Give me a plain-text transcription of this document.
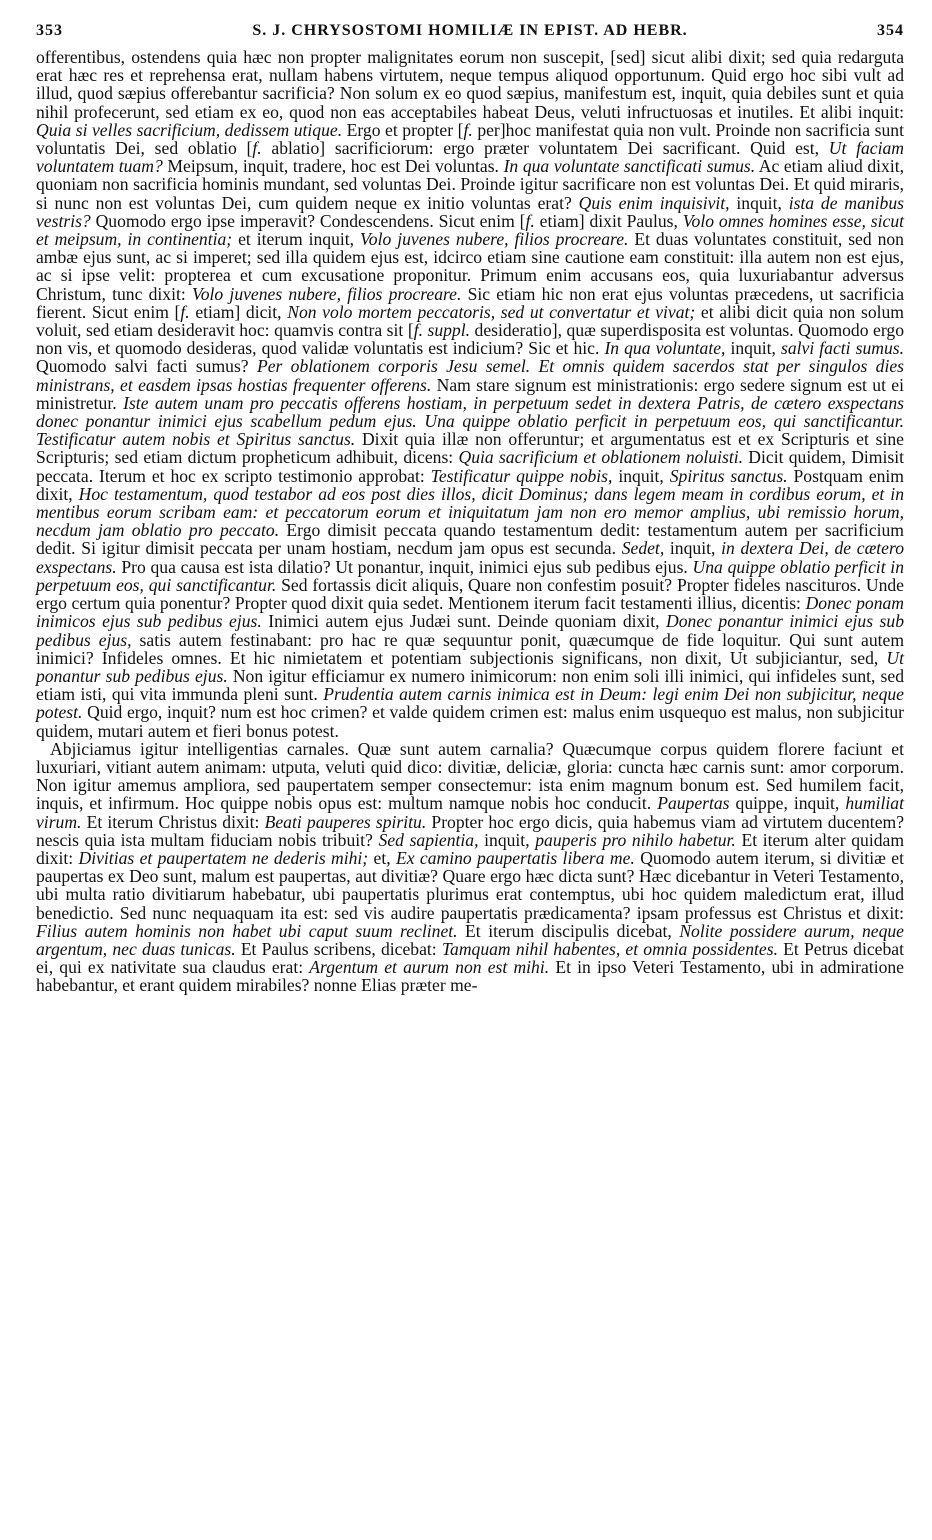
353	S. J. CHRYSOSTOMI HOMILIÆ IN EPIST. AD HEBR.	354

offerentibus, ostendens quia hæc non propter malignitates eorum non suscepit, [sed] sicut alibi dixit; sed quia redarguta erat hæc res et reprehensa erat, nullam habens virtutem, neque tempus aliquod opportunum. Quid ergo hoc sibi vult ad illud, quod sæpius offerebantur sacrificia? Non solum ex eo quod sæpius, manifestum est, inquit, quia debiles sunt et quia nihil profecerunt, sed etiam ex eo, quod non eas acceptabiles habeat Deus, veluti infructuosas et inutiles. Et alibi inquit: Quia si velles sacrificium, dedissem utique. Ergo et propter [f. per]hoc manifestat quia non vult. Proinde non sacrificia sunt voluntatis Dei, sed oblatio [f. ablatio] sacrificiorum: ergo præter voluntatem Dei sacrificant. Quid est, Ut faciam voluntatem tuam? Meipsum, inquit, tradere, hoc est Dei voluntas. In qua voluntate sanctificati sumus. Ac etiam aliud dixit, quoniam non sacrificia hominis mundant, sed voluntas Dei. Proinde igitur sacrificare non est voluntas Dei. Et quid miraris, si nunc non est voluntas Dei, cum quidem neque ex initio voluntas erat? Quis enim inquisivit, inquit, ista de manibus vestris? Quomodo ergo ipse imperavit? Condescendens. Sicut enim [f. etiam] dixit Paulus, Volo omnes homines esse, sicut et meipsum, in continentia; et iterum inquit, Volo juvenes nubere, filios procreare. Et duas voluntates constituit, sed non ambæ ejus sunt, ac si imperet; sed illa quidem ejus est, idcirco etiam sine cautione eam constituit: illa autem non est ejus, ac si ipse velit: propterea et cum excusatione proponitur. Primum enim accusans eos, quia luxuriabantur adversus Christum, tunc dixit: Volo juvenes nubere, filios procreare. Sic etiam hic non erat ejus voluntas præcedens, ut sacrificia fierent. Sicut enim [f. etiam] dicit, Non volo mortem peccatoris, sed ut convertatur et vivat; et alibi dicit quia non solum voluit, sed etiam desideravit hoc: quamvis contra sit [f. suppl. desideratio], quæ superdisposita est voluntas. Quomodo ergo non vis, et quomodo desideras, quod validæ voluntatis est indicium? Sic et hic. In qua voluntate, inquit, salvi facti sumus. Quomodo salvi facti sumus? Per oblationem corporis Jesu semel. Et omnis quidem sacerdos stat per singulos dies ministrans, et easdem ipsas hostias frequenter offerens. Nam stare signum est ministrationis: ergo sedere signum est ut ei ministretur. Iste autem unam pro peccatis offerens hostiam, in perpetuum sedet in dextera Patris, de cætero exspectans donec ponantur inimici ejus scabellum pedum ejus. Una quippe oblatio perficit in perpetuum eos, qui sanctificantur. Testificatur autem nobis et Spiritus sanctus. Dixit quia illæ non offeruntur; et argumentatus est et ex Scripturis et sine Scripturis; sed etiam dictum propheticum adhibuit, dicens: Quia sacrificium et oblationem noluisti. Dicit quidem, Dimisit peccata. Iterum et hoc ex scripto testimonio approbat: Testificatur quippe nobis, inquit, Spiritus sanctus. Postquam enim dixit, Hoc testamentum, quod testabor ad eos post dies illos, dicit Dominus; dans legem meam in cordibus eorum, et in mentibus eorum scribam eam: et peccatorum eorum et iniquitatum jam non ero memor amplius, ubi remissio horum, necdum jam oblatio pro peccato. Ergo dimisit peccata quando testamentum dedit: testamentum autem per sacrificium dedit. Si igitur dimisit peccata per unam hostiam, necdum jam opus est secunda. Sedet, inquit, in dextera Dei, de cætero exspectans. Pro qua causa est ista dilatio? Ut ponantur, inquit, inimici ejus sub pedibus ejus. Una quippe oblatio perficit in perpetuum eos, qui sanctificantur. Sed fortassis dicit aliquis, Quare non confestim posuit? Propter fideles nascituros. Unde ergo certum quia ponentur? Propter quod dixit quia sedet. Mentionem iterum facit testamenti illius, dicentis: Donec ponam inimicos ejus sub pedibus ejus. Inimici autem ejus Judæi sunt. Deinde quoniam dixit, Donec ponantur inimici ejus sub pedibus ejus, satis autem festinabant: pro hac re quæ sequuntur ponit, quæcumque de fide loquitur. Qui sunt autem inimici? Infideles omnes. Et hic nimietatem et potentiam subjectionis significans, non dixit, Ut subjiciantur, sed, Ut ponantur sub pedibus ejus. Non igitur efficiamur ex numero inimicorum: non enim soli illi inimici, qui infideles sunt, sed etiam isti, qui vita immunda pleni sunt. Prudentia autem carnis inimica est in Deum: legi enim Dei non subjicitur, neque potest. Quid ergo, inquit? num est hoc crimen? et valde quidem crimen est: malus enim usquequo est malus, non subjicitur quidem, mutari autem et fieri bonus potest.

Abjiciamus igitur intelligentias carnales. Quæ sunt autem carnalia? Quæcumque corpus quidem florere faciunt et luxuriari, vitiant autem animam: utputa, veluti quid dico: divitiæ, deliciæ, gloria: cuncta hæc carnis sunt: amor corporum. Non igitur amemus ampliora, sed paupertatem semper consectemur: ista enim magnum bonum est. Sed humilem facit, inquis, et infirmum. Hoc quippe nobis opus est: multum namque nobis hoc conducit. Paupertas quippe, inquit, humiliat virum. Et iterum Christus dixit: Beati pauperes spiritu. Propter hoc ergo dicis, quia habemus viam ad virtutem ducentem? nescis quia ista multam fiduciam nobis tribuit? Sed sapientia, inquit, pauperis pro nihilo habetur. Et iterum alter quidam dixit: Divitias et paupertatem ne dederis mihi; et, Ex camino paupertatis libera me. Quomodo autem iterum, si divitiæ et paupertas ex Deo sunt, malum est paupertas, aut divitiæ? Quare ergo hæc dicta sunt? Hæc dicebantur in Veteri Testamento, ubi multa ratio divitiarum habebatur, ubi paupertatis plurimus erat contemptus, ubi hoc quidem maledictum erat, illud benedictio. Sed nunc nequaquam ita est: sed vis audire paupertatis prædicamenta? ipsam professus est Christus et dixit: Filius autem hominis non habet ubi caput suum reclinet. Et iterum discipulis dicebat, Nolite possidere aurum, neque argentum, nec duas tunicas. Et Paulus scribens, dicebat: Tamquam nihil habentes, et omnia possidentes. Et Petrus dicebat ei, qui ex nativitate sua claudus erat: Argentum et aurum non est mihi. Et in ipso Veteri Testamento, ubi in admiratione habebantur, et erant quidem mirabiles? nonne Elias præter me-
